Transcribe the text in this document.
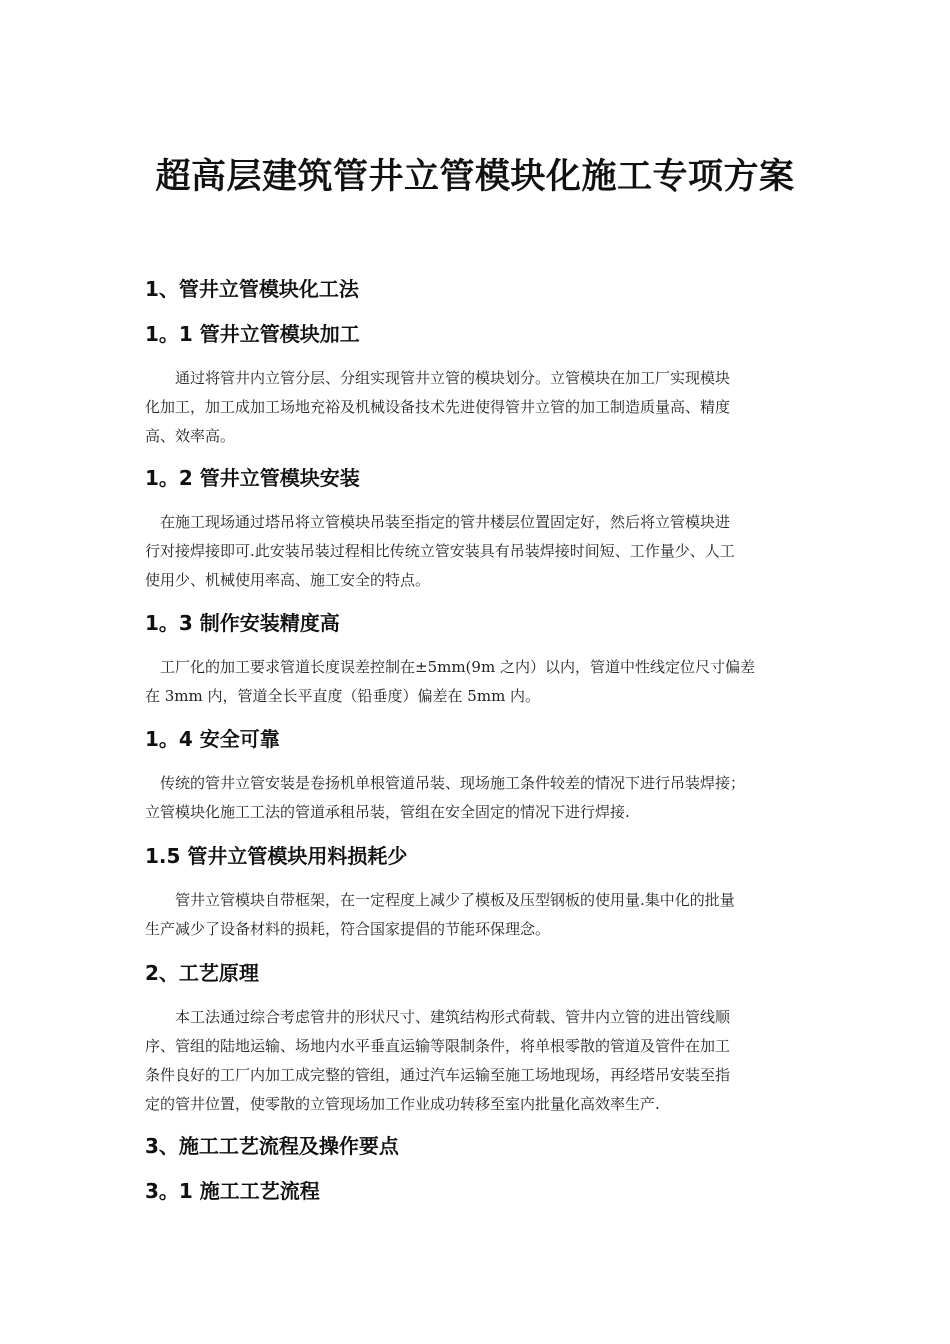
超高层建筑管井立管模块化施工专项方案
1、管井立管模块化工法
1。1 管井立管模块加工
通过将管井内立管分层、分组实现管井立管的模块划分。立管模块在加工厂实现模块
化加工，加工成加工场地充裕及机械设备技术先进使得管井立管的加工制造质量高、精度
高、效率高。
1。2 管井立管模块安装
在施工现场通过塔吊将立管模块吊装至指定的管井楼层位置固定好，然后将立管模块进
行对接焊接即可.此安装吊装过程相比传统立管安装具有吊装焊接时间短、工作量少、人工
使用少、机械使用率高、施工安全的特点。
1。3 制作安装精度高
工厂化的加工要求管道长度误差控制在±5mm(9m 之内）以内，管道中性线定位尺寸偏差
在 3mm 内，管道全长平直度（铅垂度）偏差在 5mm 内。
1。4 安全可靠
传统的管井立管安装是卷扬机单根管道吊装、现场施工条件较差的情况下进行吊装焊接；
立管模块化施工工法的管道承租吊装，管组在安全固定的情况下进行焊接.
1.5 管井立管模块用料损耗少
管井立管模块自带框架，在一定程度上减少了模板及压型钢板的使用量.集中化的批量
生产减少了设备材料的损耗，符合国家提倡的节能环保理念。
2、工艺原理
本工法通过综合考虑管井的形状尺寸、建筑结构形式荷载、管井内立管的进出管线顺
序、管组的陆地运输、场地内水平垂直运输等限制条件，将单根零散的管道及管件在加工
条件良好的工厂内加工成完整的管组，通过汽车运输至施工场地现场，再经塔吊安装至指
定的管井位置，使零散的立管现场加工作业成功转移至室内批量化高效率生产.
3、施工工艺流程及操作要点
3。1 施工工艺流程
